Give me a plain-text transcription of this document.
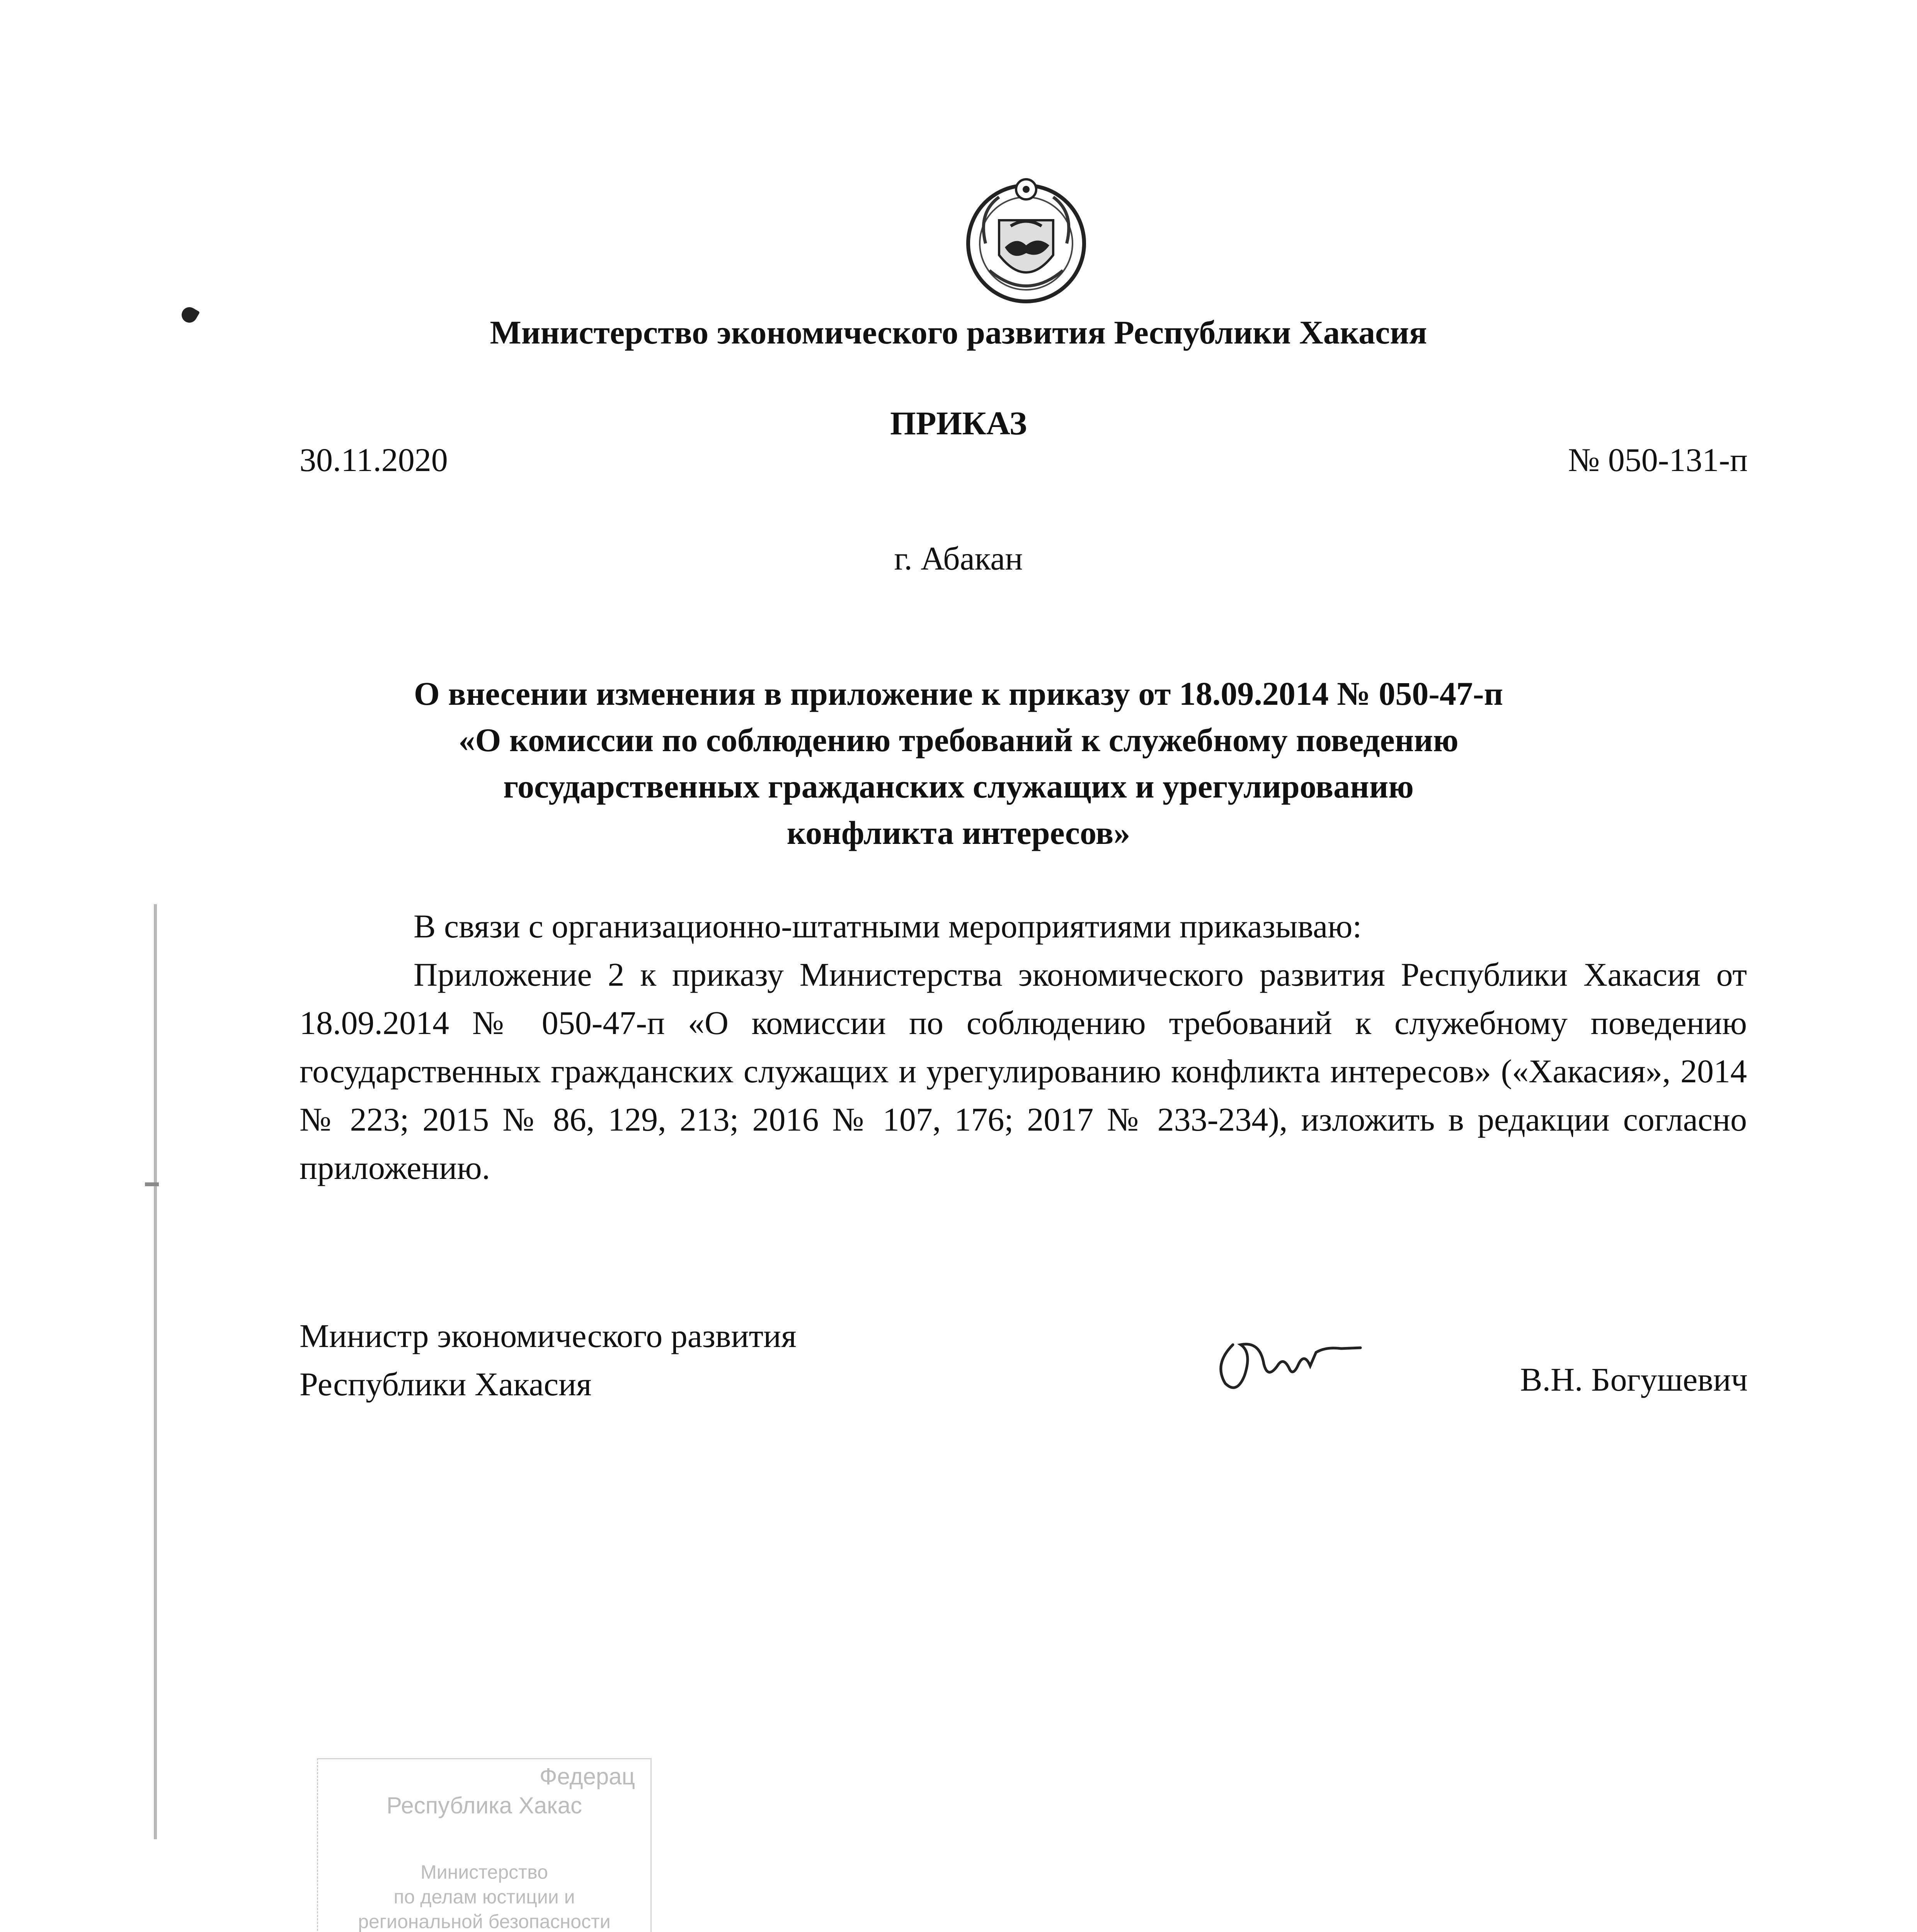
Министерство экономического развития Республики Хакасия
ПРИКАЗ
30.11.2020	№ 050-131-п
г. Абакан
О внесении изменения в приложение к приказу от 18.09.2014 № 050-47-п
«О комиссии по соблюдению требований к служебному поведению
государственных гражданских служащих и урегулированию
конфликта интересов»
В связи с организационно-штатными мероприятиями приказываю:
Приложение 2 к приказу Министерства экономического развития Республики Хакасия от 18.09.2014 № 050-47-п «О комиссии по соблюдению требований к служебному поведению государственных гражданских служащих и урегулированию конфликта интересов» («Хакасия», 2014 № 223; 2015 № 86, 129, 213; 2016 № 107, 176; 2017 № 233-234), изложить в редакции согласно приложению.
Министр экономического развития
Республики Хакасия	В.Н. Богушевич
Федерац
Республика Хакас
Министерство
по делам юстиции и
региональной безопасности
